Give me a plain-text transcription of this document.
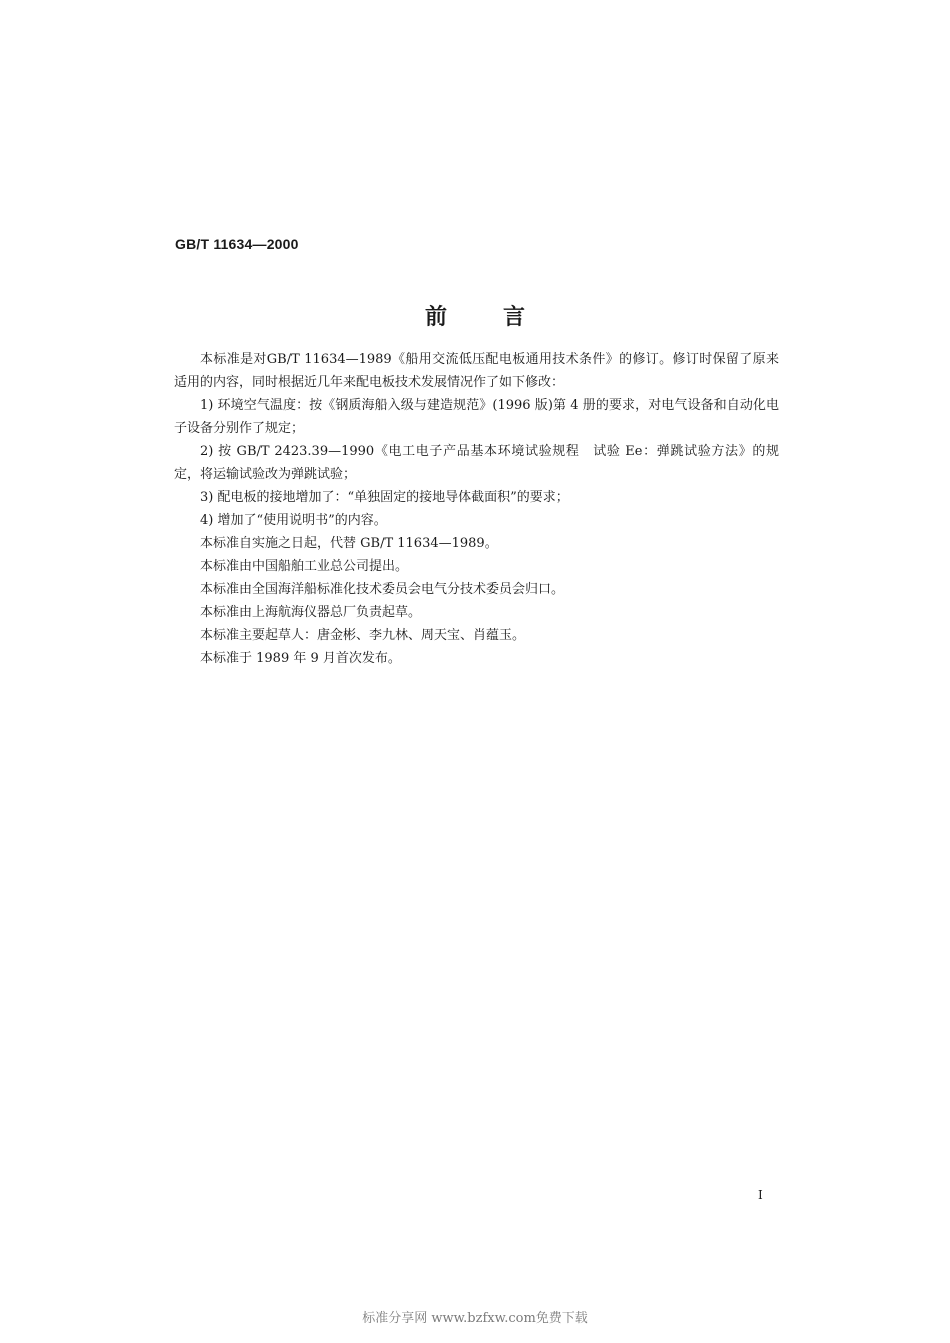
GB/T 11634—2000
前言

本标准是对GB/T 11634—1989《船用交流低压配电板通用技术条件》的修订。修订时保留了原来适用的内容，同时根据近几年来配电板技术发展情况作了如下修改：

1) 环境空气温度：按《钢质海船入级与建造规范》(1996 版)第 4 册的要求，对电气设备和自动化电子设备分别作了规定；

2) 按 GB/T 2423.39—1990《电工电子产品基本环境试验规程　试验 Ee：弹跳试验方法》的规定，将运输试验改为弹跳试验；

3) 配电板的接地增加了：“单独固定的接地导体截面积”的要求；

4) 增加了“使用说明书”的内容。

本标准自实施之日起，代替 GB/T 11634—1989。

本标准由中国船舶工业总公司提出。

本标准由全国海洋船标准化技术委员会电气分技术委员会归口。

本标准由上海航海仪器总厂负责起草。

本标准主要起草人：唐金彬、李九林、周天宝、肖蕴玉。

本标准于 1989 年 9 月首次发布。

I
标准分享网 www.bzfxw.com免费下载
